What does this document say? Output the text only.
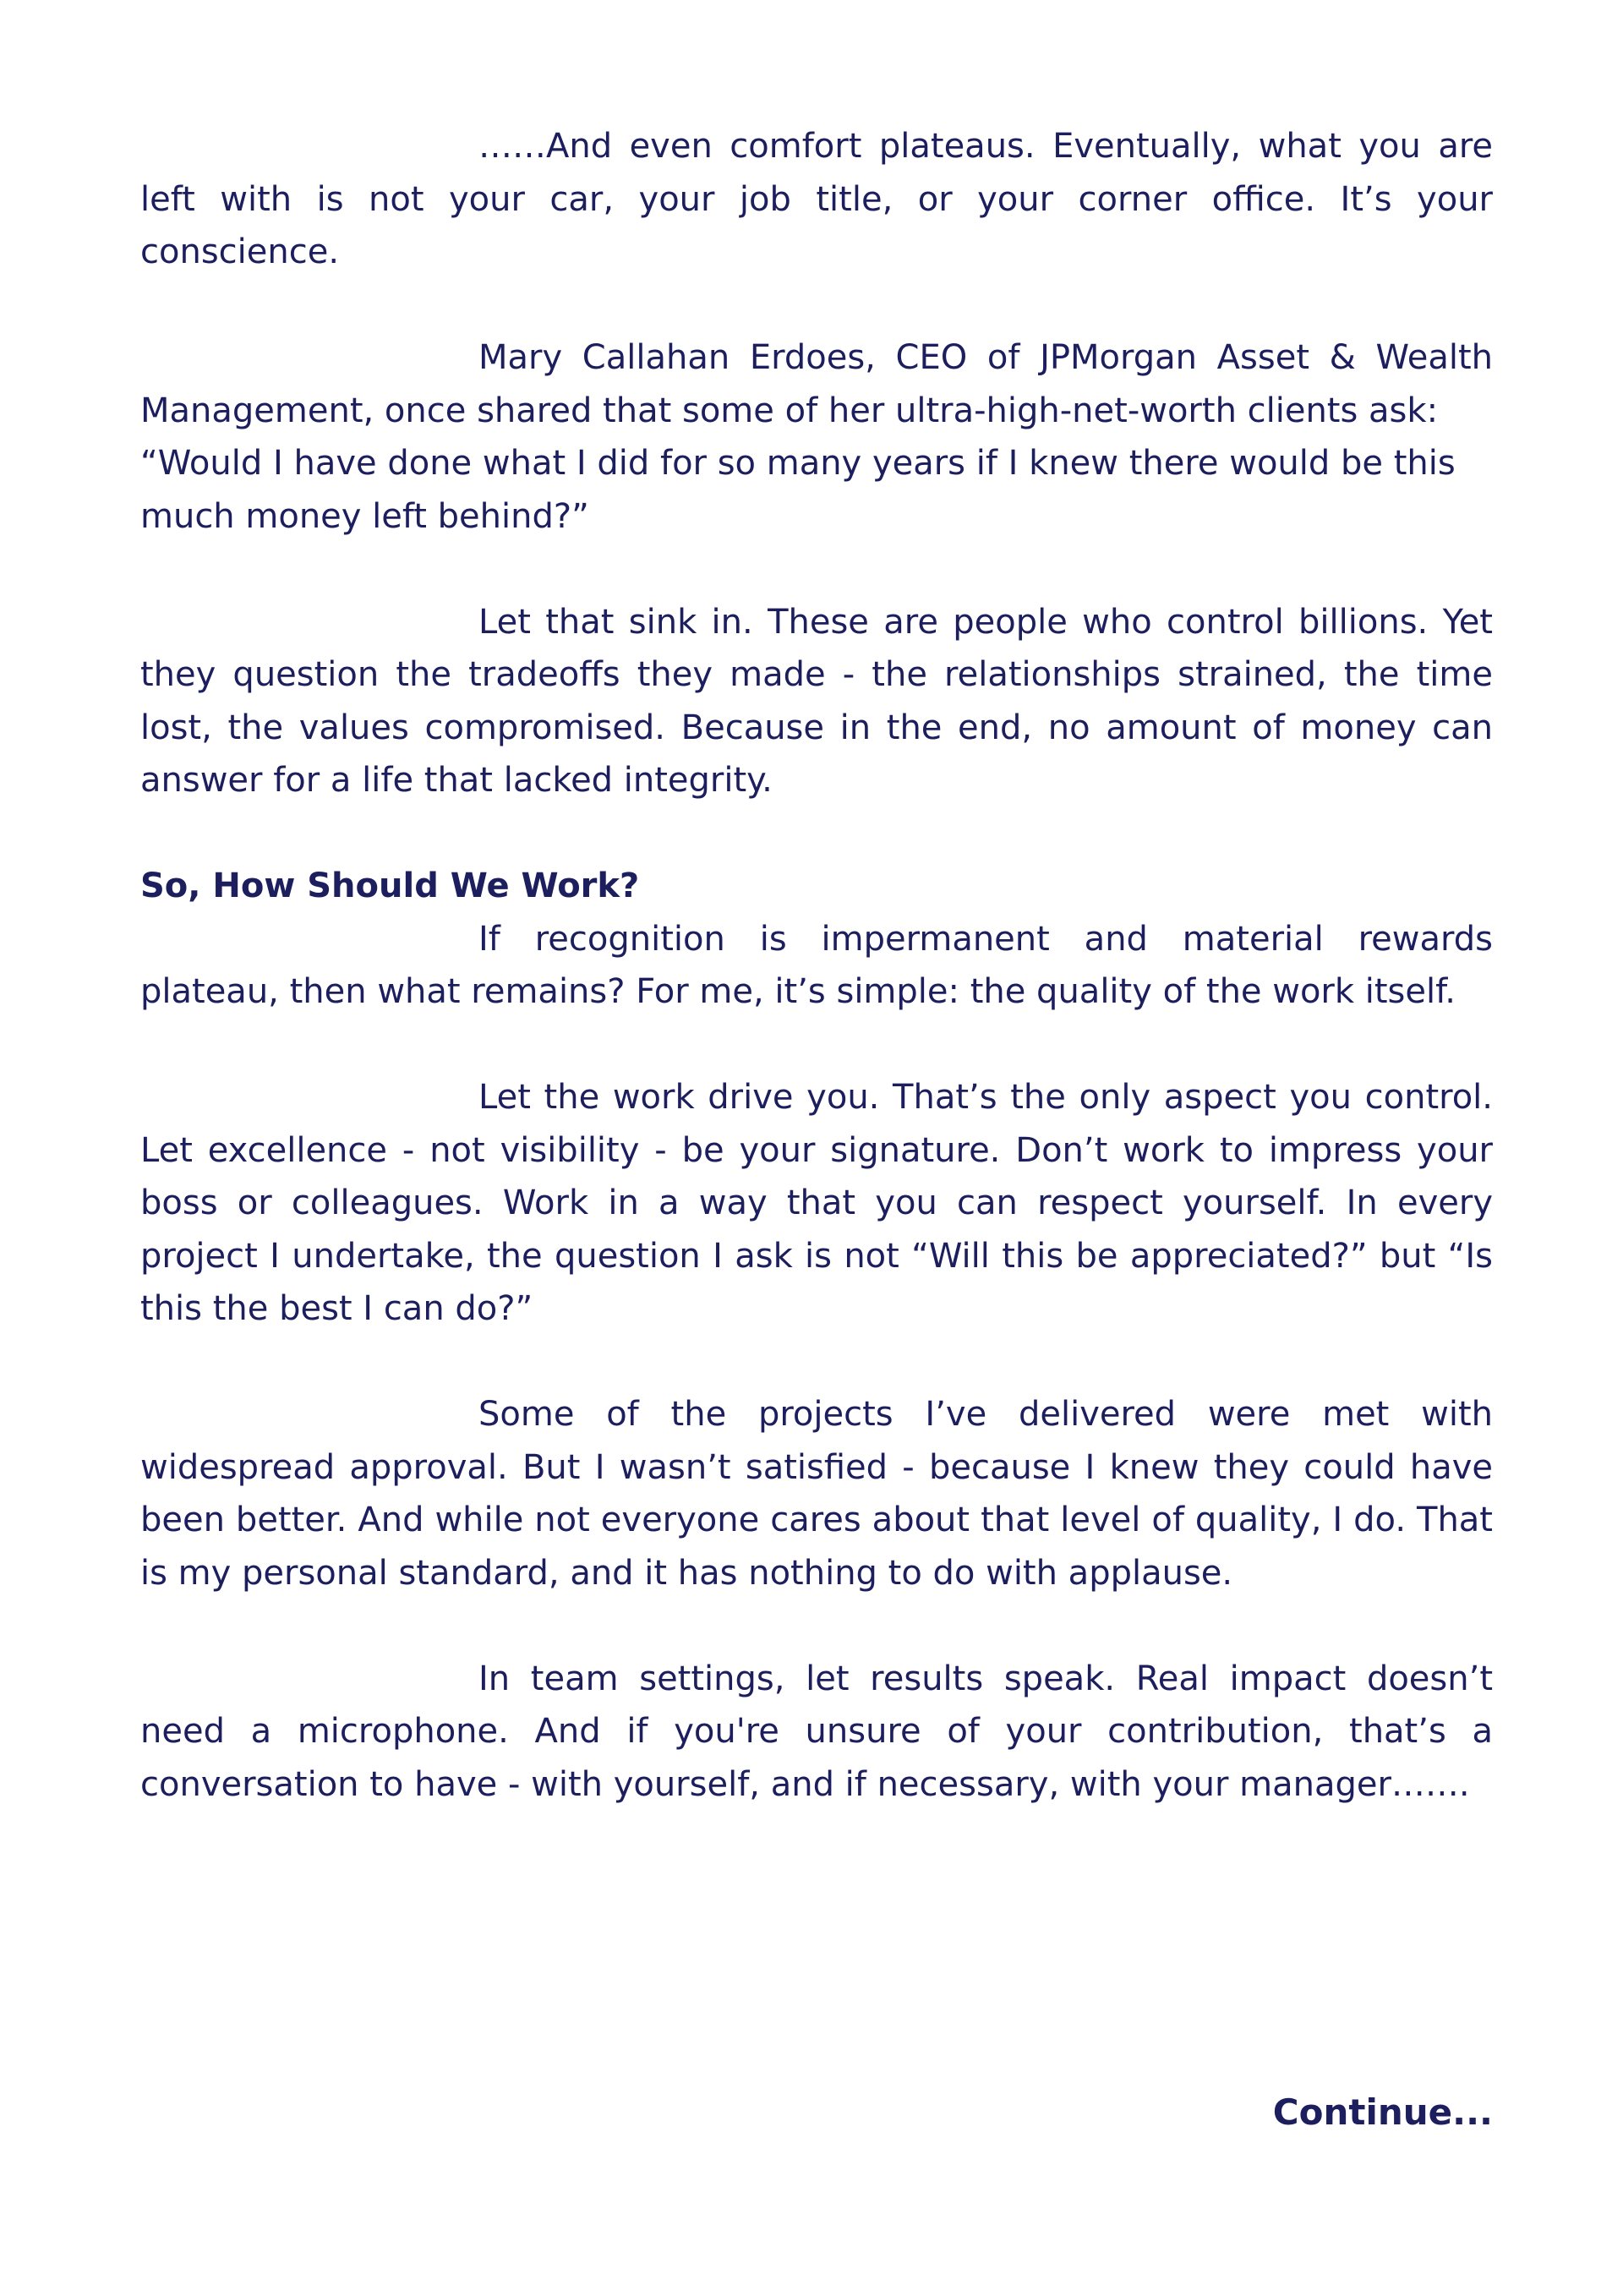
……And even comfort plateaus. Eventually, what you are left with is not your car, your job title, or your corner office. It’s your conscience.

Mary Callahan Erdoes, CEO of JPMorgan Asset & Wealth Management, once shared that some of her ultra-high-net-worth clients ask:

“Would I have done what I did for so many years if I knew there would be this much money left behind?”

Let that sink in. These are people who control billions. Yet they question the tradeoffs they made - the relationships strained, the time lost, the values compromised. Because in the end, no amount of money can answer for a life that lacked integrity.

So, How Should We Work?

If recognition is impermanent and material rewards plateau, then what remains? For me, it’s simple: the quality of the work itself.

Let the work drive you. That’s the only aspect you control. Let excellence - not visibility - be your signature. Don’t work to impress your boss or colleagues. Work in a way that you can respect yourself. In every project I undertake, the question I ask is not “Will this be appreciated?” but “Is this the best I can do?”

Some of the projects I’ve delivered were met with widespread approval. But I wasn’t satisfied - because I knew they could have been better. And while not everyone cares about that level of quality, I do. That is my personal standard, and it has nothing to do with applause.

In team settings, let results speak. Real impact doesn’t need a microphone. And if you're unsure of your contribution, that’s a conversation to have - with yourself, and if necessary, with your manager…….

Continue...
